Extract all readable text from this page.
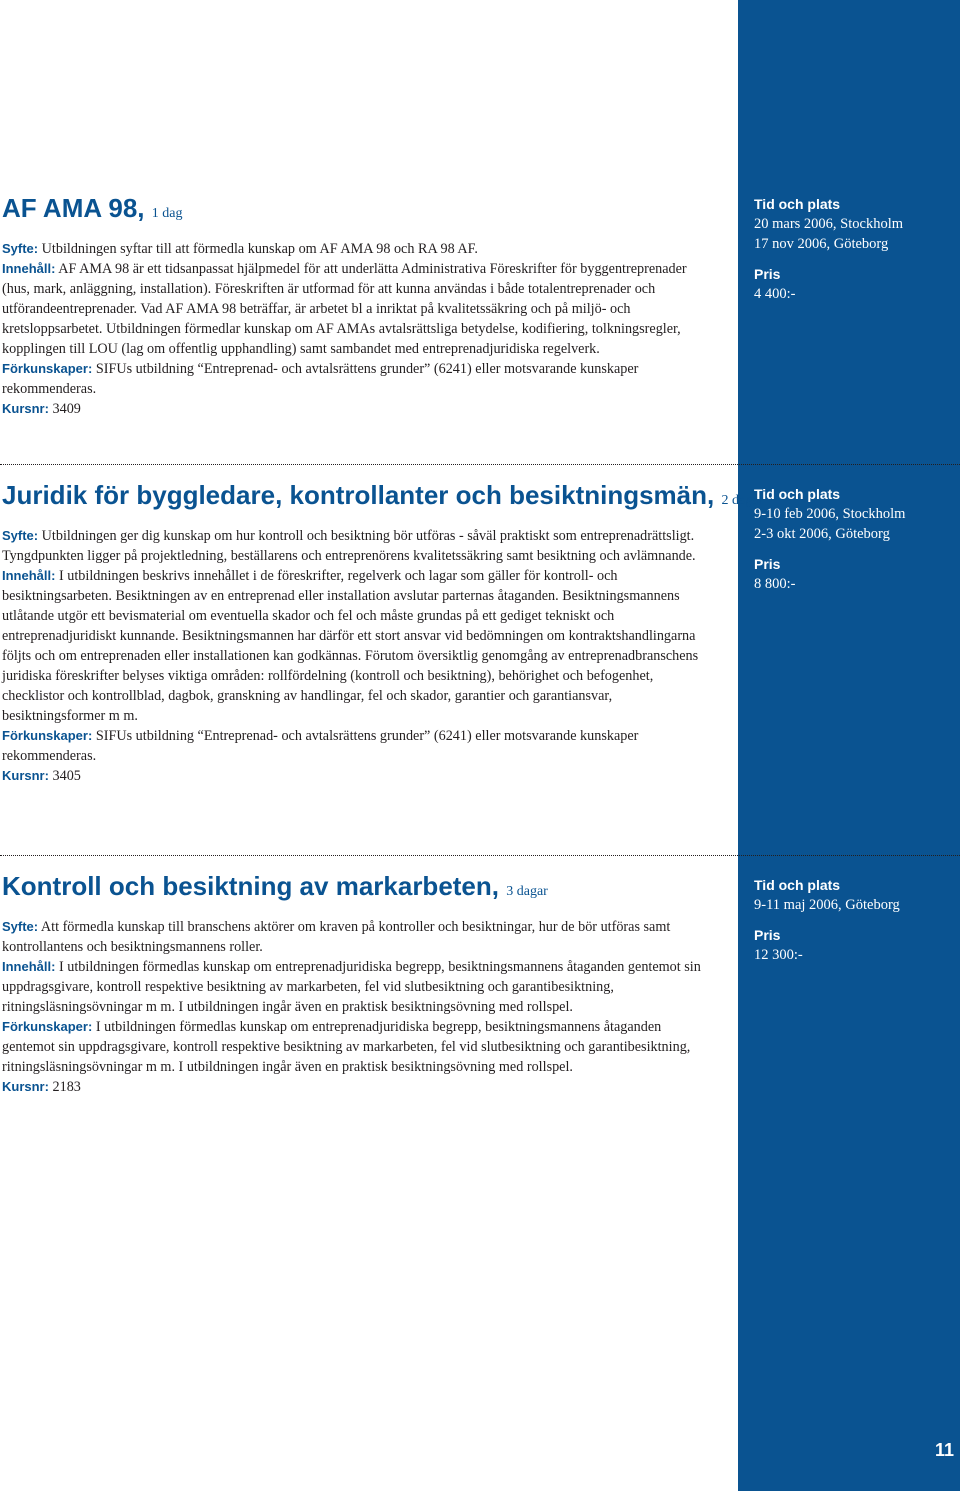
AF AMA 98, 1 dag

Syfte: Utbildningen syftar till att förmedla kunskap om AF AMA 98 och RA 98 AF.

Innehåll: AF AMA 98 är ett tidsanpassat hjälpmedel för att underlätta Administrativa Föreskrifter för byggentreprenader (hus, mark, anläggning, installation). Föreskriften är utformad för att kunna användas i både totalentreprenader och utförandeentreprenader. Vad AF AMA 98 beträffar, är arbetet bl a inriktat på kvalitetssäkring och på miljö- och kretsloppsarbetet. Utbildningen förmedlar kunskap om AF AMAs avtalsrättsliga betydelse, kodifiering, tolkningsregler, kopplingen till LOU (lag om offentlig upphandling) samt sambandet med entreprenadjuridiska regelverk.

Förkunskaper: SIFUs utbildning “Entreprenad- och avtalsrättens grunder” (6241) eller motsvarande kunskaper rekommenderas.

Kursnr: 3409

Tid och plats
20 mars 2006, Stockholm
17 nov 2006, Göteborg
Pris
4 400:-
Juridik för byggledare, kontrollanter och besiktningsmän, 2 dagar

Syfte: Utbildningen ger dig kunskap om hur kontroll och besiktning bör utföras - såväl praktiskt som entreprenadrättsligt. Tyngdpunkten ligger på projektledning, beställarens och entreprenörens kvalitetssäkring samt besiktning och avlämnande.

Innehåll: I utbildningen beskrivs innehållet i de föreskrifter, regelverk och lagar som gäller för kontroll- och besiktningsarbeten. Besiktningen av en entreprenad eller installation avslutar parternas åtaganden. Besiktningsmannens utlåtande utgör ett bevismaterial om eventuella skador och fel och måste grundas på ett gediget tekniskt och entreprenadjuridiskt kunnande. Besiktningsmannen har därför ett stort ansvar vid bedömningen om kontraktshandlingarna följts och om entreprenaden eller installationen kan godkännas. Förutom översiktlig genomgång av entreprenadbranschens juridiska föreskrifter belyses viktiga områden: rollfördelning (kontroll och besiktning), behörighet och befogenhet, checklistor och kontrollblad, dagbok, granskning av handlingar, fel och skador, garantier och garantiansvar, besiktningsformer m m.

Förkunskaper: SIFUs utbildning “Entreprenad- och avtalsrättens grunder” (6241) eller motsvarande kunskaper rekommenderas.

Kursnr: 3405

Tid och plats
9-10 feb 2006, Stockholm
2-3 okt 2006, Göteborg
Pris
8 800:-
Kontroll och besiktning av markarbeten, 3 dagar

Syfte: Att förmedla kunskap till branschens aktörer om kraven på kontroller och besiktningar, hur de bör utföras samt kontrollantens och besiktningsmannens roller.

Innehåll: I utbildningen förmedlas kunskap om entreprenadjuridiska begrepp, besiktningsmannens åtaganden gentemot sin uppdragsgivare, kontroll respektive besiktning av markarbeten, fel vid slutbesiktning och garantibesiktning, ritningsläsningsövningar m m. I utbildningen ingår även en praktisk besiktningsövning med rollspel.

Förkunskaper: I utbildningen förmedlas kunskap om entreprenadjuridiska begrepp, besiktningsmannens åtaganden gentemot sin uppdragsgivare, kontroll respektive besiktning av markarbeten, fel vid slutbesiktning och garantibesiktning, ritningsläsningsövningar m m. I utbildningen ingår även en praktisk besiktningsövning med rollspel.

Kursnr: 2183

Tid och plats
9-11 maj 2006, Göteborg
Pris
12 300:-
11
